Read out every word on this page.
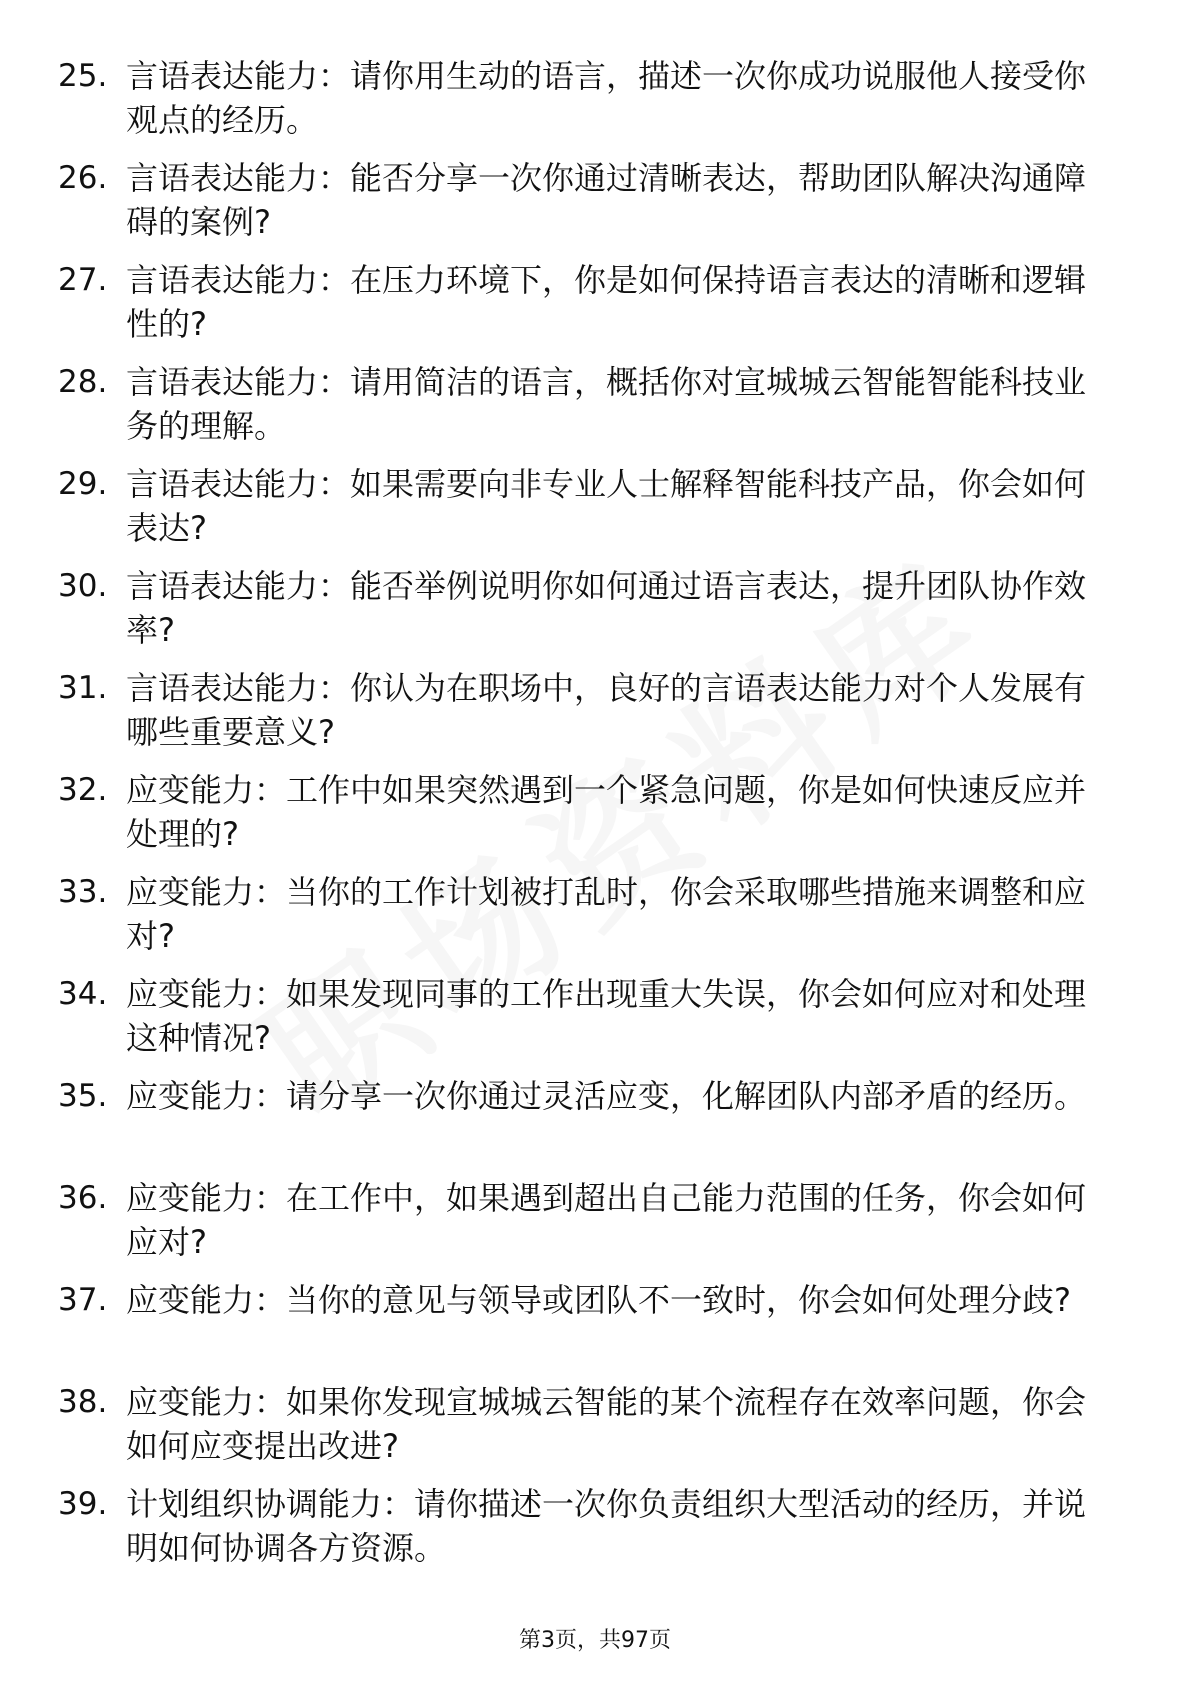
25. 言语表达能力：请你用生动的语言，描述一次你成功说服他人接受你观点的经历。
26. 言语表达能力：能否分享一次你通过清晰表达，帮助团队解决沟通障碍的案例?
27. 言语表达能力：在压力环境下，你是如何保持语言表达的清晰和逻辑性的?
28. 言语表达能力：请用简洁的语言，概括你对宣城城云智能智能科技业务的理解。
29. 言语表达能力：如果需要向非专业人士解释智能科技产品，你会如何表达?
30. 言语表达能力：能否举例说明你如何通过语言表达，提升团队协作效率?
31. 言语表达能力：你认为在职场中，良好的言语表达能力对个人发展有哪些重要意义?
32. 应变能力：工作中如果突然遇到一个紧急问题，你是如何快速反应并处理的?
33. 应变能力：当你的工作计划被打乱时，你会采取哪些措施来调整和应对?
34. 应变能力：如果发现同事的工作出现重大失误，你会如何应对和处理这种情况?
35. 应变能力：请分享一次你通过灵活应变，化解团队内部矛盾的经历。
36. 应变能力：在工作中，如果遇到超出自己能力范围的任务，你会如何应对?
37. 应变能力：当你的意见与领导或团队不一致时，你会如何处理分歧?
38. 应变能力：如果你发现宣城城云智能的某个流程存在效率问题，你会如何应变提出改进?
39. 计划组织协调能力：请你描述一次你负责组织大型活动的经历，并说明如何协调各方资源。
第3页，共97页
